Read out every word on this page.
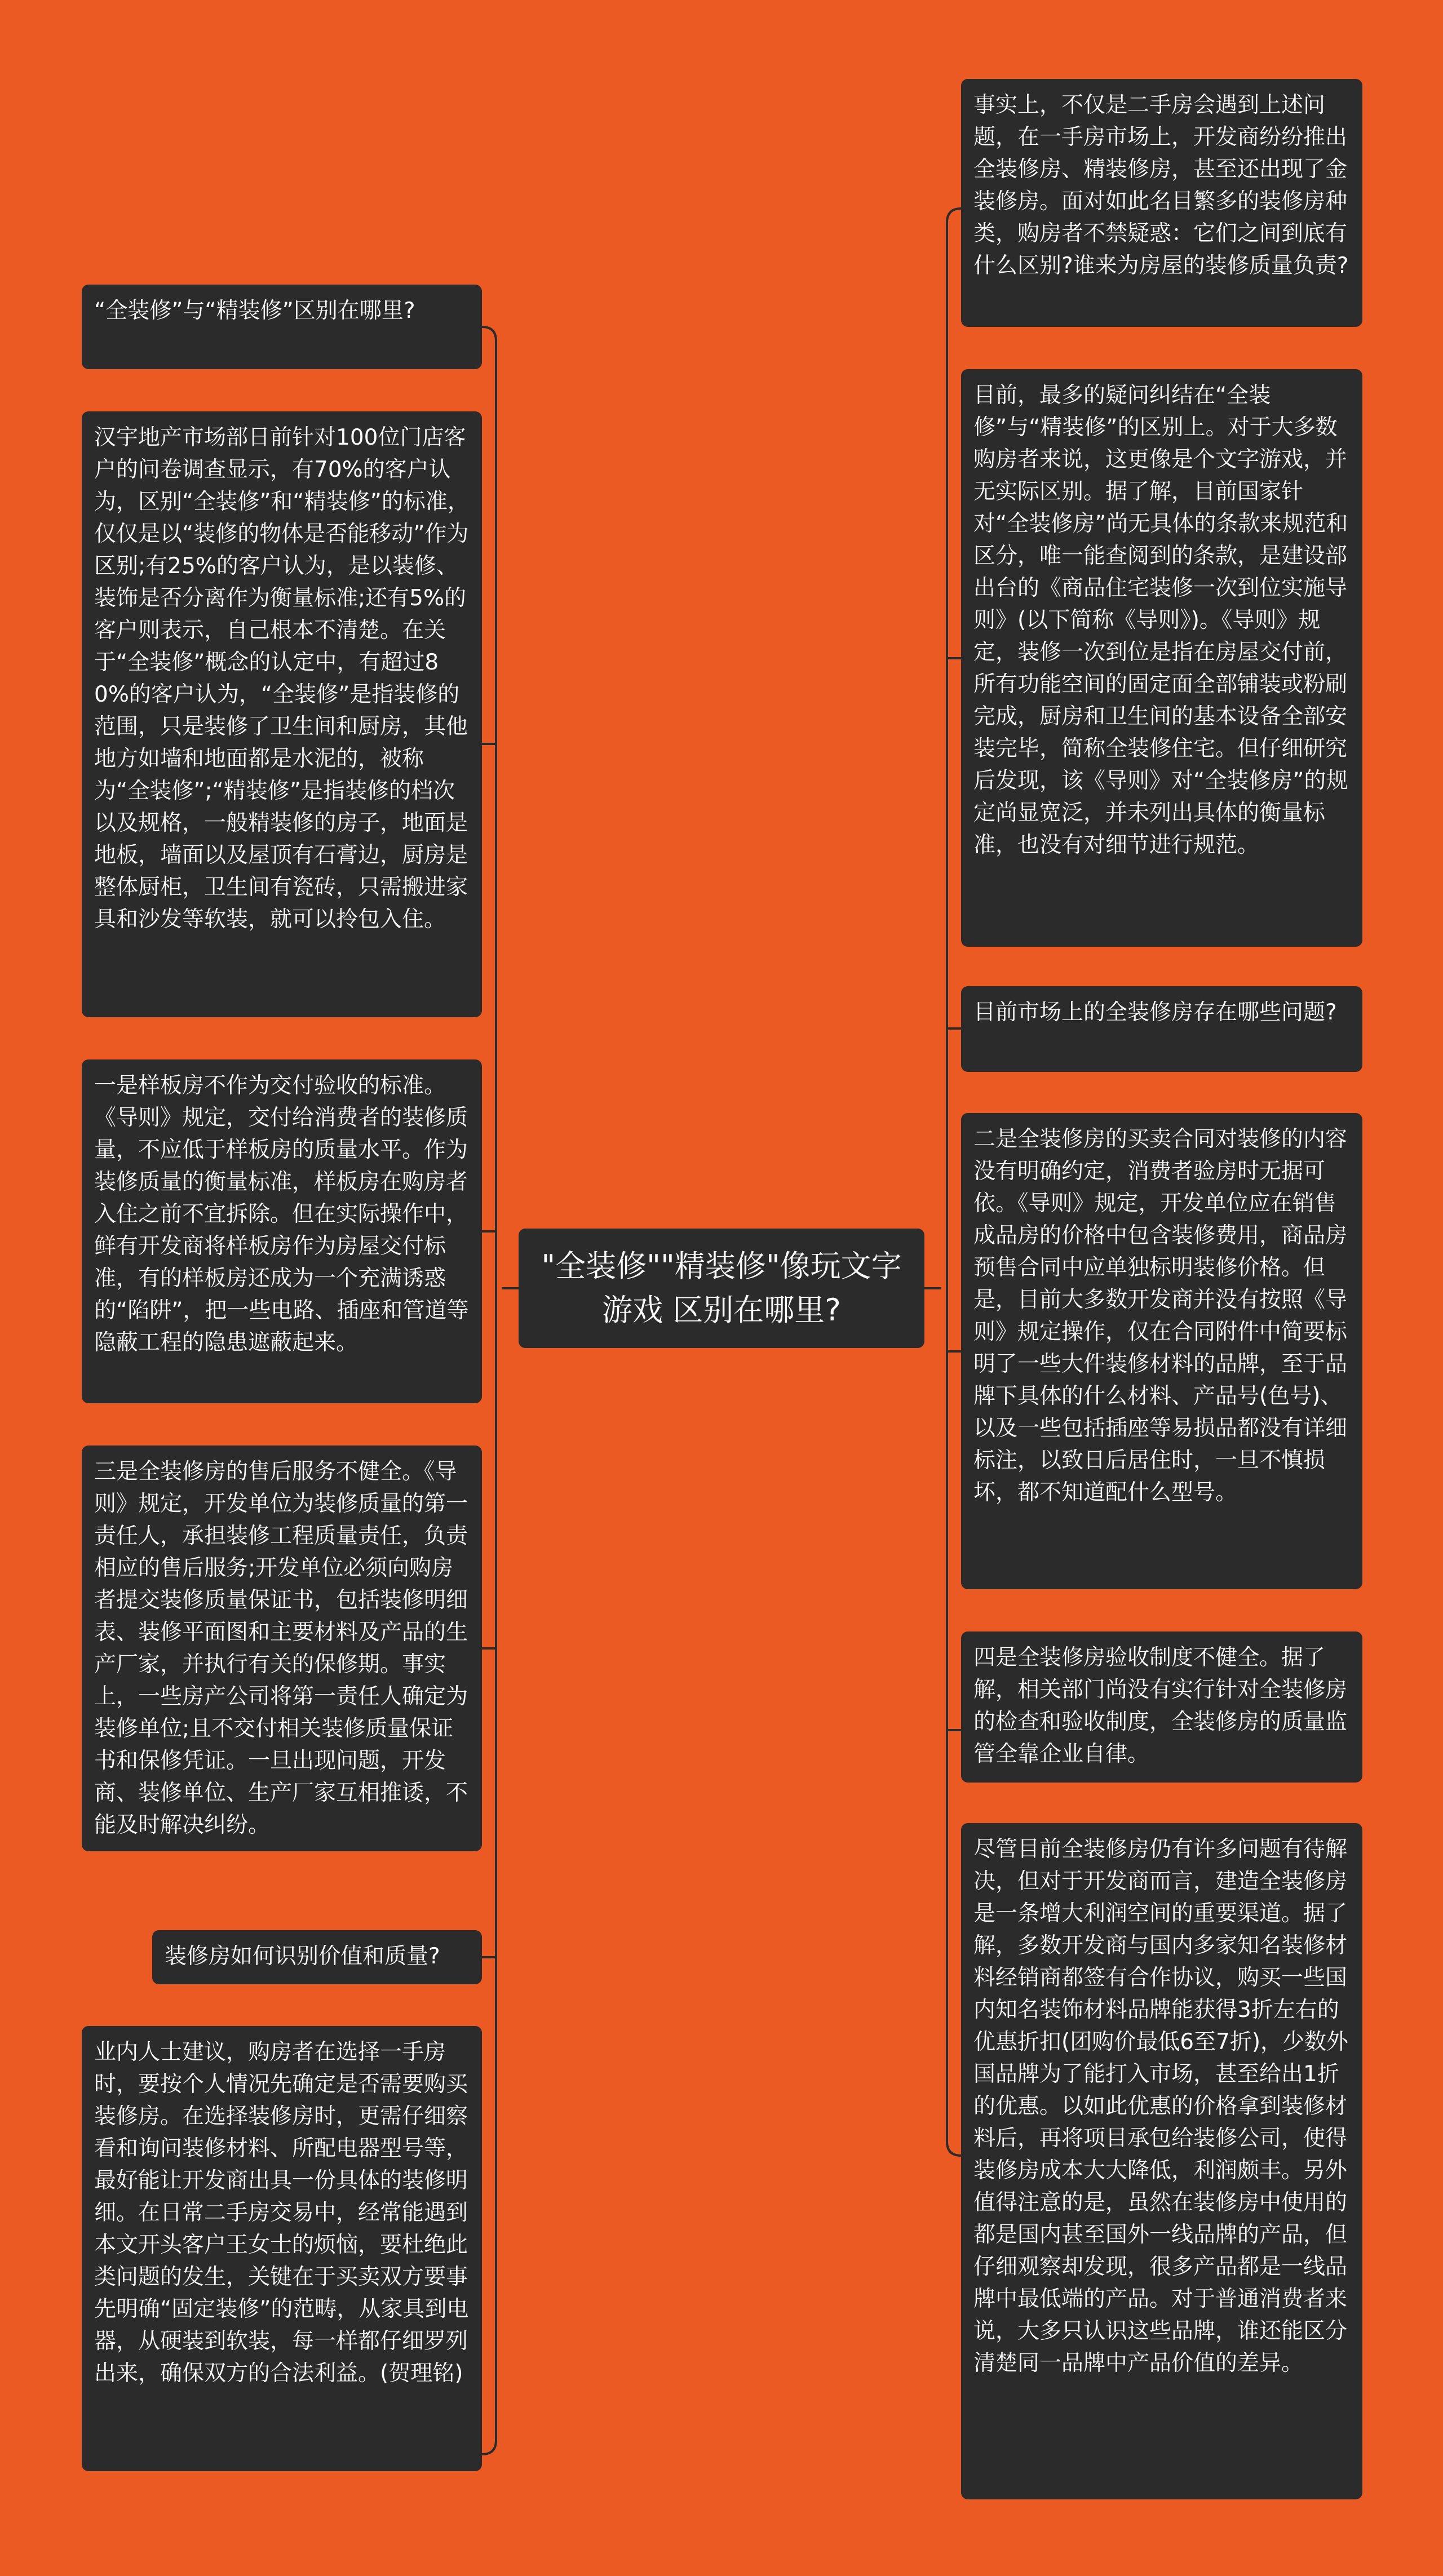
"全装修""精装修"像玩文字游戏 区别在哪里?
“全装修”与“精装修”区别在哪里?
汉宇地产市场部日前针对100位门店客户的问卷调查显示，有70%的客户认为，区别“全装修”和“精装修”的标准，仅仅是以“装修的物体是否能移动”作为区别;有25%的客户认为，是以装修、装饰是否分离作为衡量标准;还有5%的客户则表示，自己根本不清楚。在关于“全装修”概念的认定中，有超过80%的客户认为，“全装修”是指装修的范围，只是装修了卫生间和厨房，其他地方如墙和地面都是水泥的，被称为“全装修”;“精装修”是指装修的档次以及规格，一般精装修的房子，地面是地板，墙面以及屋顶有石膏边，厨房是整体厨柜，卫生间有瓷砖，只需搬进家具和沙发等软装，就可以拎包入住。
一是样板房不作为交付验收的标准。《导则》规定，交付给消费者的装修质量，不应低于样板房的质量水平。作为装修质量的衡量标准，样板房在购房者入住之前不宜拆除。但在实际操作中，鲜有开发商将样板房作为房屋交付标准，有的样板房还成为一个充满诱惑的“陷阱”，把一些电路、插座和管道等隐蔽工程的隐患遮蔽起来。
三是全装修房的售后服务不健全。《导则》规定，开发单位为装修质量的第一责任人，承担装修工程质量责任，负责相应的售后服务;开发单位必须向购房者提交装修质量保证书，包括装修明细表、装修平面图和主要材料及产品的生产厂家，并执行有关的保修期。事实上，一些房产公司将第一责任人确定为装修单位;且不交付相关装修质量保证书和保修凭证。一旦出现问题，开发商、装修单位、生产厂家互相推诿，不能及时解决纠纷。
装修房如何识别价值和质量?
业内人士建议，购房者在选择一手房时，要按个人情况先确定是否需要购买装修房。在选择装修房时，更需仔细察看和询问装修材料、所配电器型号等，最好能让开发商出具一份具体的装修明细。在日常二手房交易中，经常能遇到本文开头客户王女士的烦恼，要杜绝此类问题的发生，关键在于买卖双方要事先明确“固定装修”的范畴，从家具到电器，从硬装到软装，每一样都仔细罗列出来，确保双方的合法利益。(贺理铭)
事实上，不仅是二手房会遇到上述问题，在一手房市场上，开发商纷纷推出全装修房、精装修房，甚至还出现了金装修房。面对如此名目繁多的装修房种类，购房者不禁疑惑：它们之间到底有什么区别?谁来为房屋的装修质量负责?
目前，最多的疑问纠结在“全装修”与“精装修”的区别上。对于大多数购房者来说，这更像是个文字游戏，并无实际区别。据了解，目前国家针对“全装修房”尚无具体的条款来规范和区分，唯一能查阅到的条款，是建设部出台的《商品住宅装修一次到位实施导则》(以下简称《导则》)。《导则》规定，装修一次到位是指在房屋交付前，所有功能空间的固定面全部铺装或粉刷完成，厨房和卫生间的基本设备全部安装完毕，简称全装修住宅。但仔细研究后发现，该《导则》对“全装修房”的规定尚显宽泛，并未列出具体的衡量标准，也没有对细节进行规范。
目前市场上的全装修房存在哪些问题?
二是全装修房的买卖合同对装修的内容没有明确约定，消费者验房时无据可依。《导则》规定，开发单位应在销售成品房的价格中包含装修费用，商品房预售合同中应单独标明装修价格。但是，目前大多数开发商并没有按照《导则》规定操作，仅在合同附件中简要标明了一些大件装修材料的品牌，至于品牌下具体的什么材料、产品号(色号)、以及一些包括插座等易损品都没有详细标注，以致日后居住时，一旦不慎损坏，都不知道配什么型号。
四是全装修房验收制度不健全。据了解，相关部门尚没有实行针对全装修房的检查和验收制度，全装修房的质量监管全靠企业自律。
尽管目前全装修房仍有许多问题有待解决，但对于开发商而言，建造全装修房是一条增大利润空间的重要渠道。据了解，多数开发商与国内多家知名装修材料经销商都签有合作协议，购买一些国内知名装饰材料品牌能获得3折左右的优惠折扣(团购价最低6至7折)，少数外国品牌为了能打入市场，甚至给出1折的优惠。以如此优惠的价格拿到装修材料后，再将项目承包给装修公司，使得装修房成本大大降低，利润颇丰。另外值得注意的是，虽然在装修房中使用的都是国内甚至国外一线品牌的产品，但仔细观察却发现，很多产品都是一线品牌中最低端的产品。对于普通消费者来说，大多只认识这些品牌，谁还能区分清楚同一品牌中产品价值的差异。
